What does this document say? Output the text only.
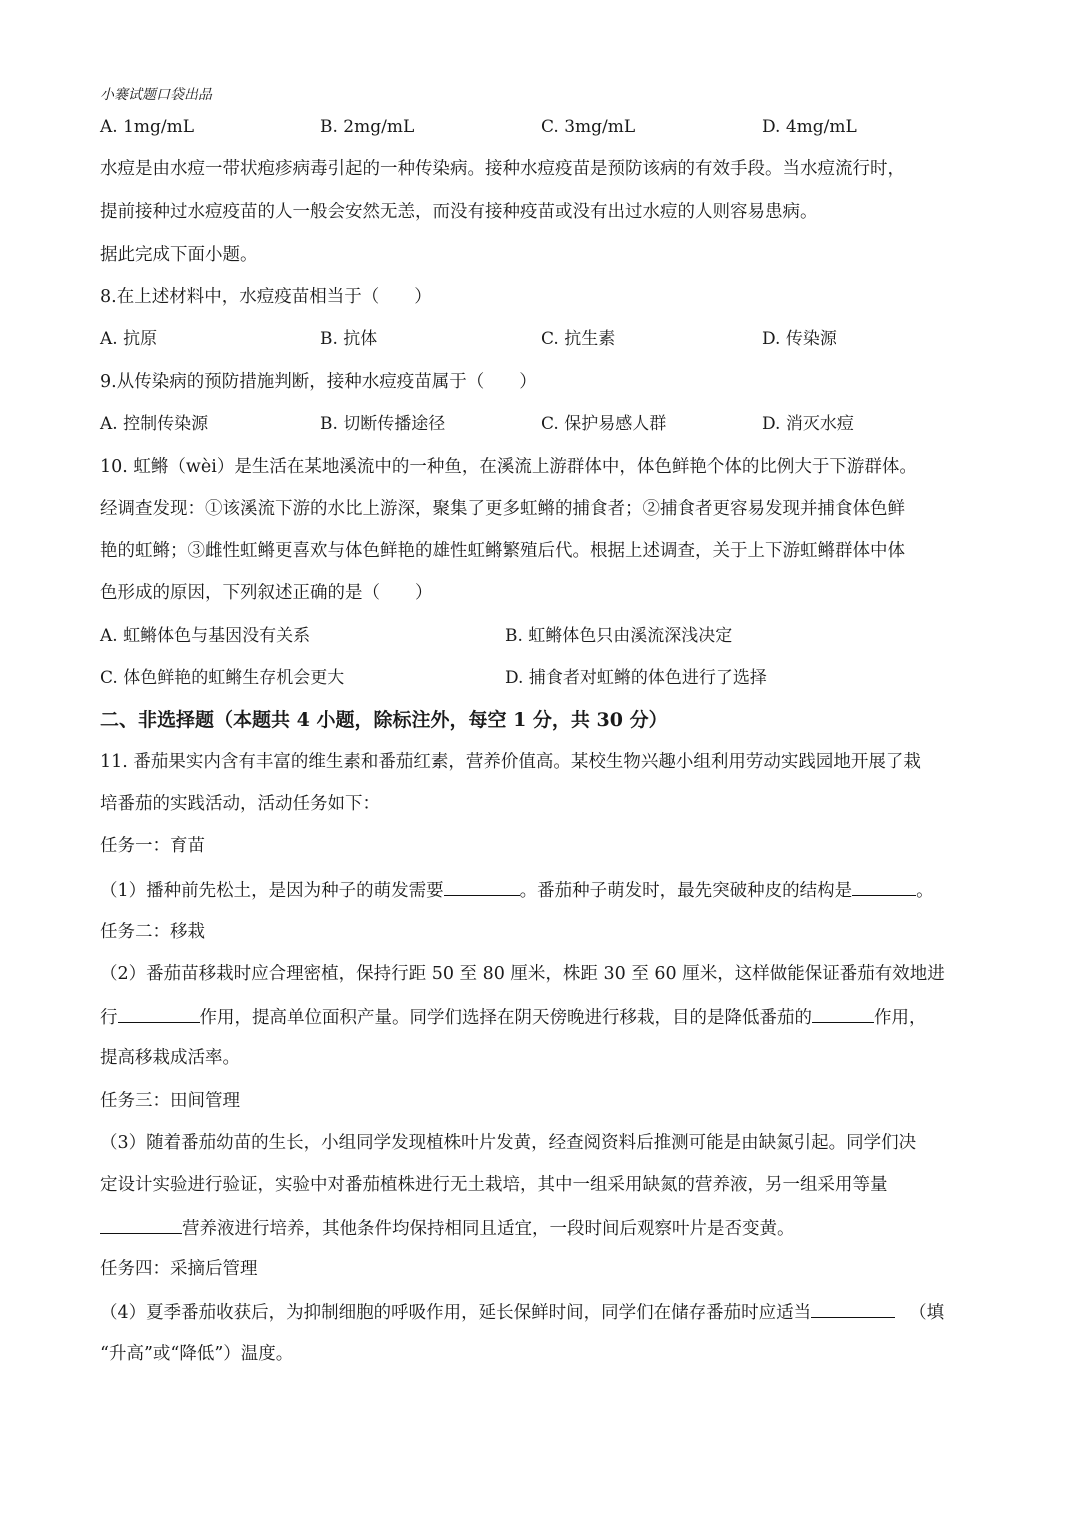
小褰试题口袋出品
A. 1mg/mL	B. 2mg/mL	C. 3mg/mL	D. 4mg/mL
水痘是由水痘一带状疱疹病毒引起的一种传染病。接种水痘疫苗是预防该病的有效手段。当水痘流行时，
提前接种过水痘疫苗的人一般会安然无恙，而没有接种疫苗或没有出过水痘的人则容易患病。
据此完成下面小题。
8.在上述材料中，水痘疫苗相当于（　　）
A. 抗原	B. 抗体	C. 抗生素	D. 传染源
9.从传染病的预防措施判断，接种水痘疫苗属于（　　）
A. 控制传染源	B. 切断传播途径	C. 保护易感人群	D. 消灭水痘
10. 虹鳉（wèi）是生活在某地溪流中的一种鱼，在溪流上游群体中，体色鲜艳个体的比例大于下游群体。
经调查发现：①该溪流下游的水比上游深，聚集了更多虹鳉的捕食者；②捕食者更容易发现并捕食体色鲜
艳的虹鳉；③雌性虹鳉更喜欢与体色鲜艳的雄性虹鳉繁殖后代。根据上述调查，关于上下游虹鳉群体中体
色形成的原因，下列叙述正确的是（　　）
A. 虹鳉体色与基因没有关系	B. 虹鳉体色只由溪流深浅决定
C. 体色鲜艳的虹鳉生存机会更大	D. 捕食者对虹鳉的体色进行了选择
二、非选择题（本题共 4 小题，除标注外，每空 1 分，共 30 分）
11. 番茄果实内含有丰富的维生素和番茄红素，营养价值高。某校生物兴趣小组利用劳动实践园地开展了栽
培番茄的实践活动，活动任务如下：
任务一：育苗
（1）播种前先松土，是因为种子的萌发需要	。番茄种子萌发时，最先突破种皮的结构是	。
任务二：移栽
（2）番茄苗移栽时应合理密植，保持行距 50 至 80 厘米，株距 30 至 60 厘米，这样做能保证番茄有效地进
行	作用，提高单位面积产量。同学们选择在阴天傍晚进行移栽，目的是降低番茄的	作用，
提高移栽成活率。
任务三：田间管理
（3）随着番茄幼苗的生长，小组同学发现植株叶片发黄，经查阅资料后推测可能是由缺氮引起。同学们决
定设计实验进行验证，实验中对番茄植株进行无土栽培，其中一组采用缺氮的营养液，另一组采用等量
营养液进行培养，其他条件均保持相同且适宜，一段时间后观察叶片是否变黄。
任务四：采摘后管理
（4）夏季番茄收获后，为抑制细胞的呼吸作用，延长保鲜时间，同学们在储存番茄时应适当	（填
“升高”或“降低”）温度。
